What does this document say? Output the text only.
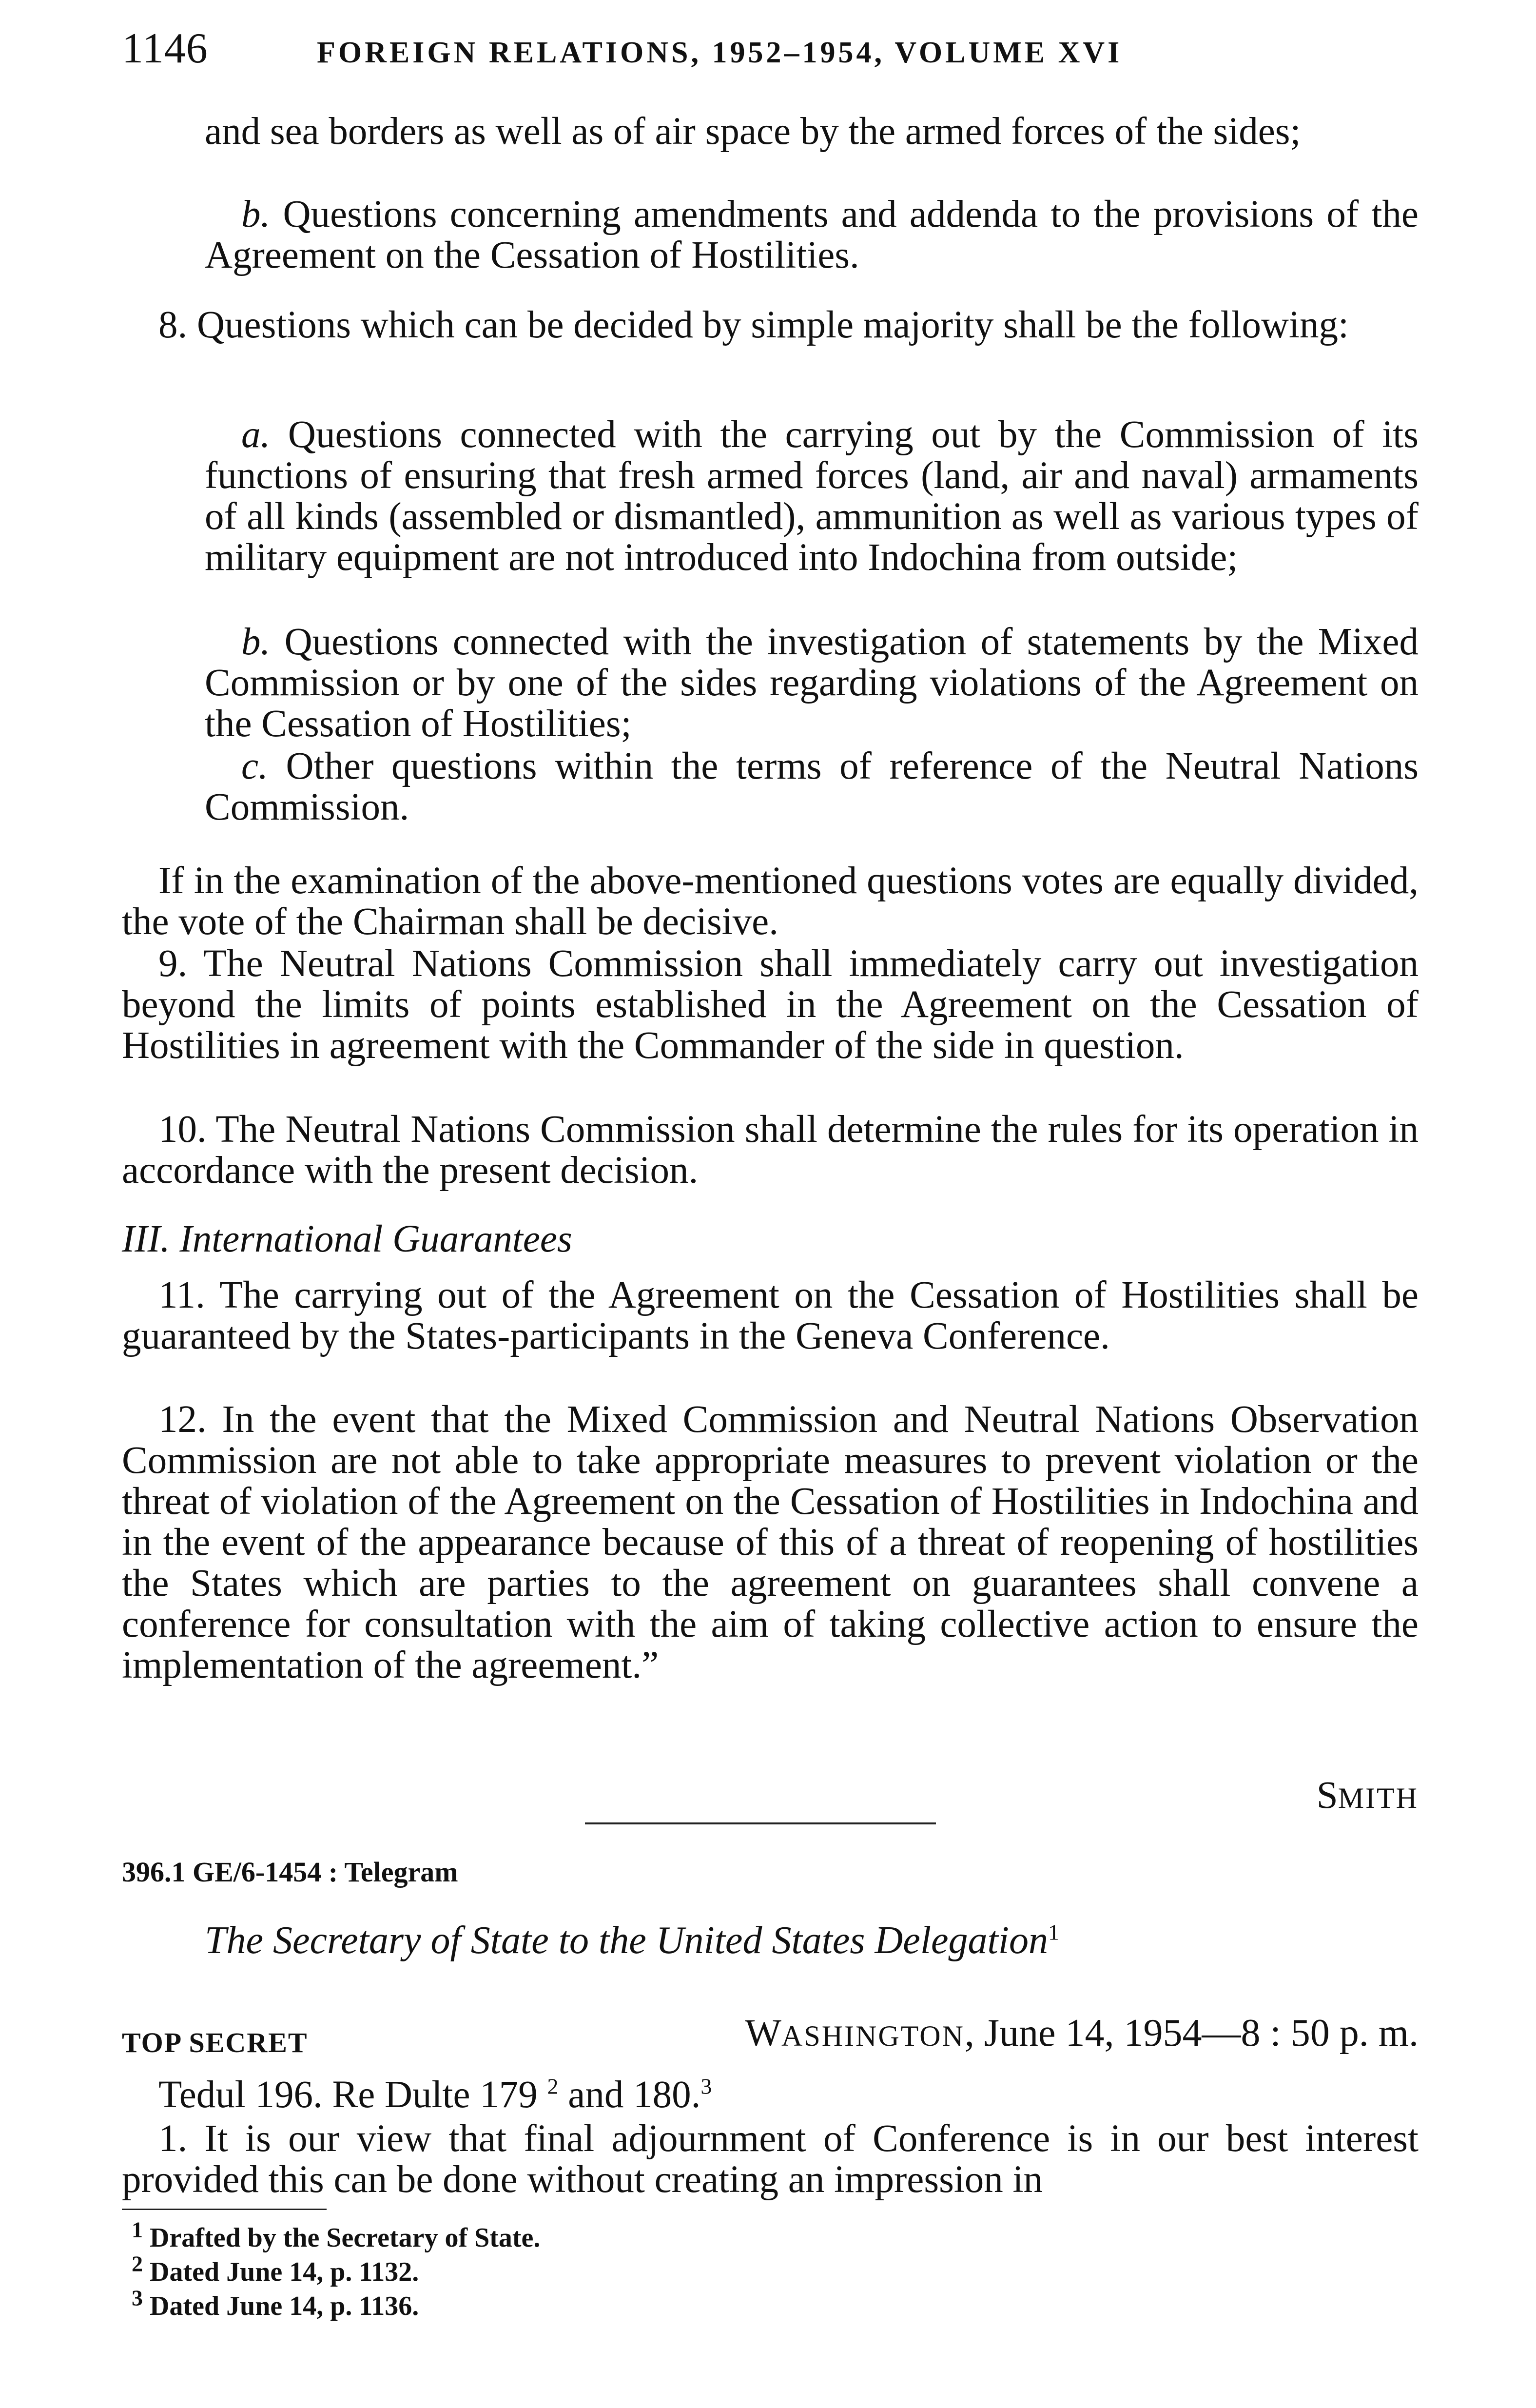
1146	FOREIGN RELATIONS, 1952–1954, VOLUME XVI

and sea borders as well as of air space by the armed forces of the sides;

b. Questions concerning amendments and addenda to the provisions of the Agreement on the Cessation of Hostilities.

8. Questions which can be decided by simple majority shall be the following:

a. Questions connected with the carrying out by the Commission of its functions of ensuring that fresh armed forces (land, air and naval) armaments of all kinds (assembled or dismantled), ammunition as well as various types of military equipment are not introduced into Indochina from outside;

b. Questions connected with the investigation of statements by the Mixed Commission or by one of the sides regarding violations of the Agreement on the Cessation of Hostilities;

c. Other questions within the terms of reference of the Neutral Nations Commission.

If in the examination of the above-mentioned questions votes are equally divided, the vote of the Chairman shall be decisive.

9. The Neutral Nations Commission shall immediately carry out investigation beyond the limits of points established in the Agreement on the Cessation of Hostilities in agreement with the Commander of the side in question.

10. The Neutral Nations Commission shall determine the rules for its operation in accordance with the present decision.

III. International Guarantees

11. The carrying out of the Agreement on the Cessation of Hostilities shall be guaranteed by the States-participants in the Geneva Conference.

12. In the event that the Mixed Commission and Neutral Nations Observation Commission are not able to take appropriate measures to prevent violation or the threat of violation of the Agreement on the Cessation of Hostilities in Indochina and in the event of the appearance because of this of a threat of reopening of hostilities the States which are parties to the agreement on guarantees shall convene a conference for consultation with the aim of taking collective action to ensure the implementation of the agreement.”

SMITH
396.1 GE/6-1454 : Telegram
The Secretary of State to the United States Delegation$^1$
TOP SECRET	WASHINGTON, June 14, 1954—8 : 50 p. m.

Tedul 196. Re Dulte 179 $^2$ and 180.$^3$

1. It is our view that final adjournment of Conference is in our best interest provided this can be done without creating an impression in

$^1$ Drafted by the Secretary of State.

$^2$ Dated June 14, p. 1132.

$^3$ Dated June 14, p. 1136.
